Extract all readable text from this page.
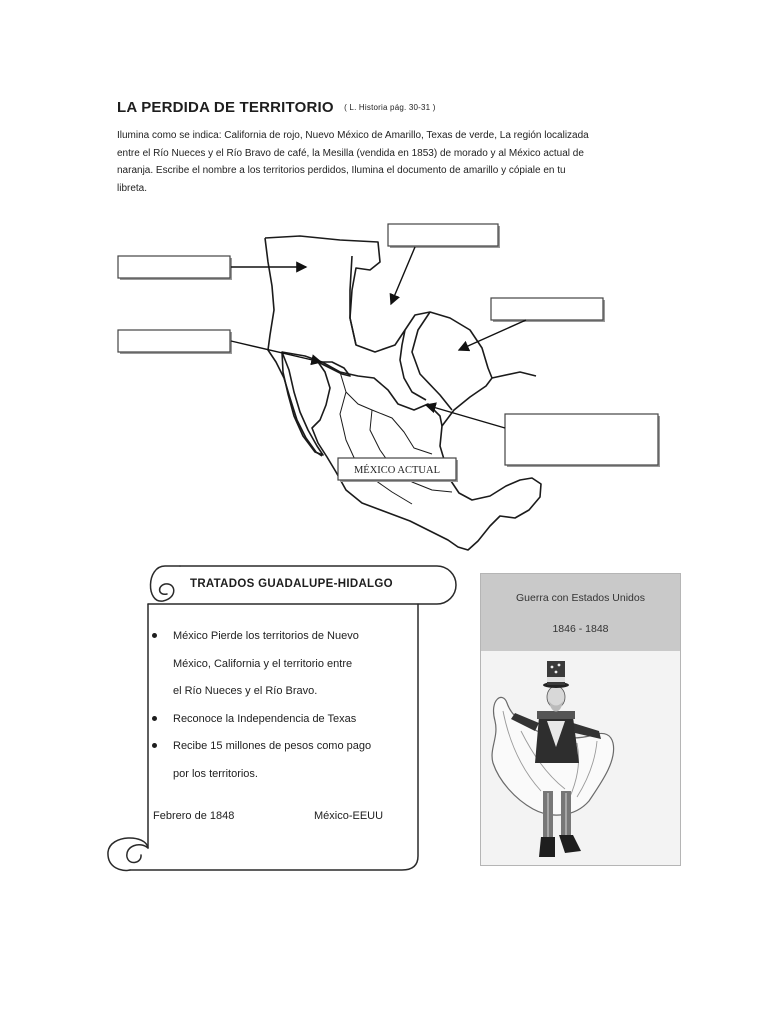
LA PERDIDA DE TERRITORIO ( L. Historia pág. 30-31 )
Ilumina como se indica: California de rojo, Nuevo México de Amarillo, Texas de verde, La región localizada
entre el Río Nueces y el Río Bravo de café, la Mesilla (vendida en 1853) de morado y al México actual de
naranja. Escribe el nombre a los territorios perdidos, Ilumina el documento de amarillo y cópiale en tu
libreta.
MÉXICO ACTUAL
TRATADOS GUADALUPE-HIDALGO
México Pierde los territorios de Nuevo
México, California y el territorio entre
el Río Nueces y el Río Bravo.
Reconoce la Independencia de Texas
Recibe 15 millones de pesos como pago
por los territorios.
Febrero de 1848	México-EEUU
Guerra con Estados Unidos
1846 - 1848
